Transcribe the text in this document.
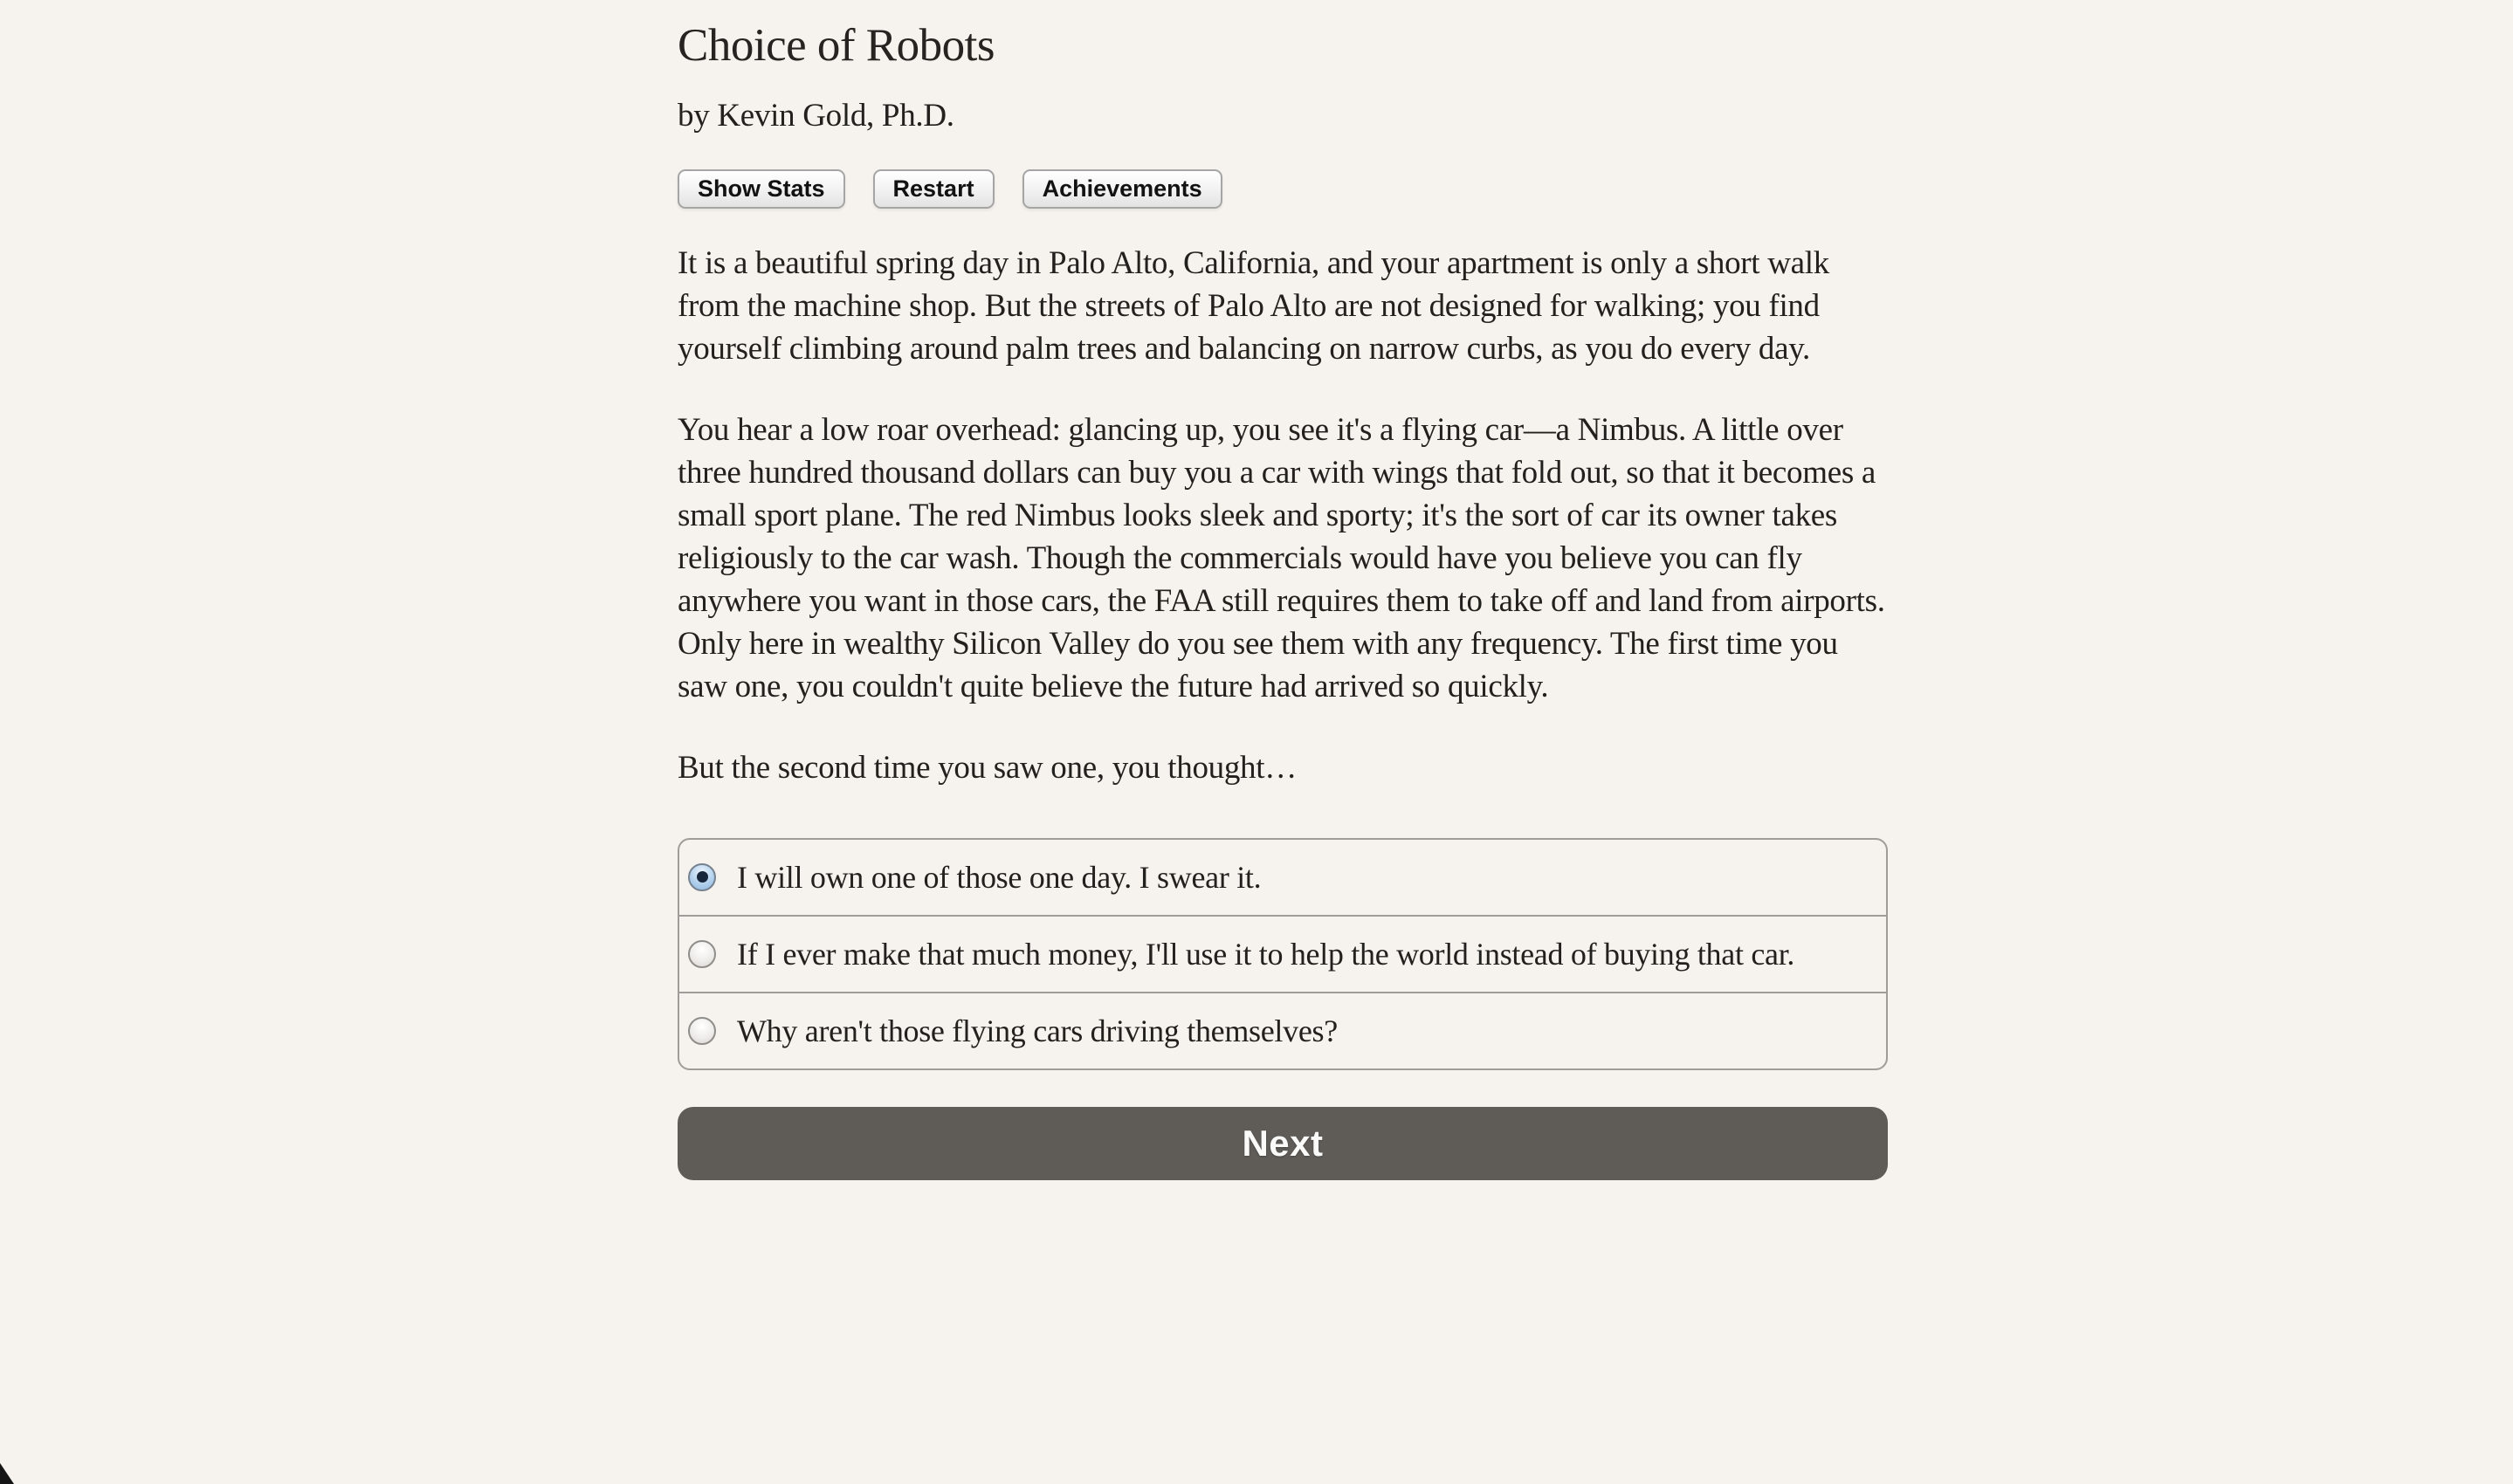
Choice of Robots
by Kevin Gold, Ph.D.
Show Stats	Restart	Achievements

It is a beautiful spring day in Palo Alto, California, and your apartment is only a short walk from the machine shop. But the streets of Palo Alto are not designed for walking; you find yourself climbing around palm trees and balancing on narrow curbs, as you do every day.

You hear a low roar overhead: glancing up, you see it's a flying car—a Nimbus. A little over three hundred thousand dollars can buy you a car with wings that fold out, so that it becomes a small sport plane. The red Nimbus looks sleek and sporty; it's the sort of car its owner takes religiously to the car wash. Though the commercials would have you believe you can fly anywhere you want in those cars, the FAA still requires them to take off and land from airports. Only here in wealthy Silicon Valley do you see them with any frequency. The first time you saw one, you couldn't quite believe the future had arrived so quickly.

But the second time you saw one, you thought…

I will own one of those one day. I swear it.
If I ever make that much money, I'll use it to help the world instead of buying that car.
Why aren't those flying cars driving themselves?
Next
